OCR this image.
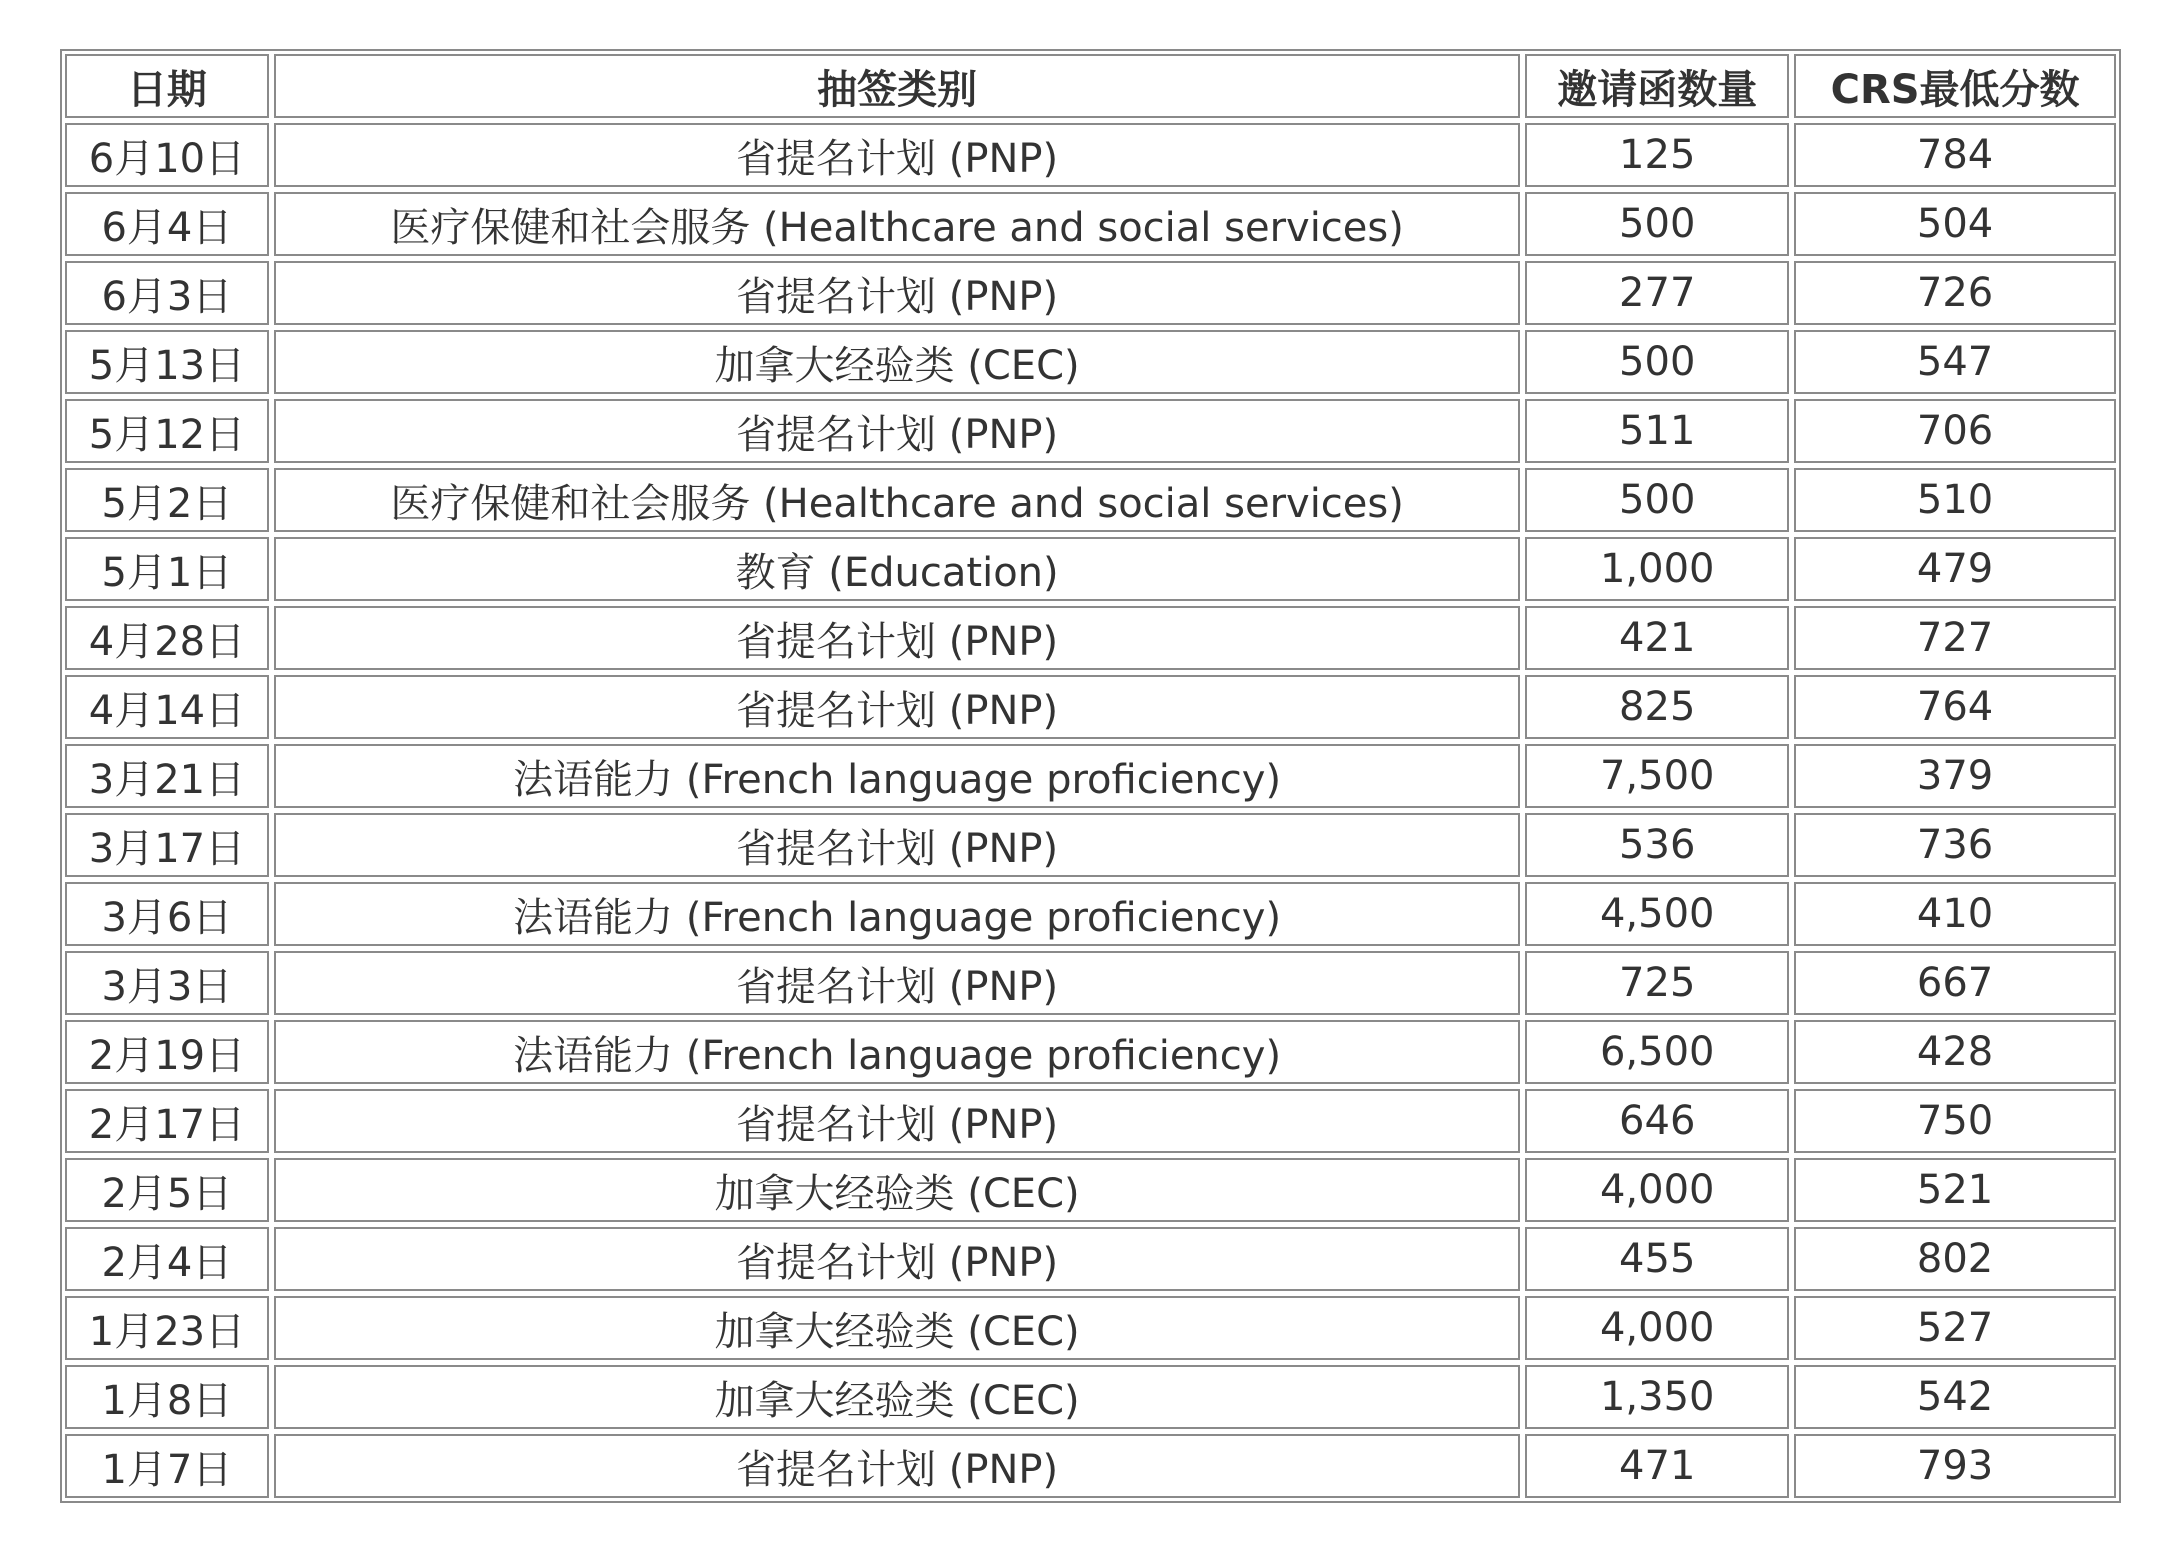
日期	抽签类别	邀请函数量	CRS最低分数
6月10日	省提名计划 (PNP)	125	784
6月4日	医疗保健和社会服务 (Healthcare and social services)	500	504
6月3日	省提名计划 (PNP)	277	726
5月13日	加拿大经验类 (CEC)	500	547
5月12日	省提名计划 (PNP)	511	706
5月2日	医疗保健和社会服务 (Healthcare and social services)	500	510
5月1日	教育 (Education)	1,000	479
4月28日	省提名计划 (PNP)	421	727
4月14日	省提名计划 (PNP)	825	764
3月21日	法语能力 (French language proficiency)	7,500	379
3月17日	省提名计划 (PNP)	536	736
3月6日	法语能力 (French language proficiency)	4,500	410
3月3日	省提名计划 (PNP)	725	667
2月19日	法语能力 (French language proficiency)	6,500	428
2月17日	省提名计划 (PNP)	646	750
2月5日	加拿大经验类 (CEC)	4,000	521
2月4日	省提名计划 (PNP)	455	802
1月23日	加拿大经验类 (CEC)	4,000	527
1月8日	加拿大经验类 (CEC)	1,350	542
1月7日	省提名计划 (PNP)	471	793
